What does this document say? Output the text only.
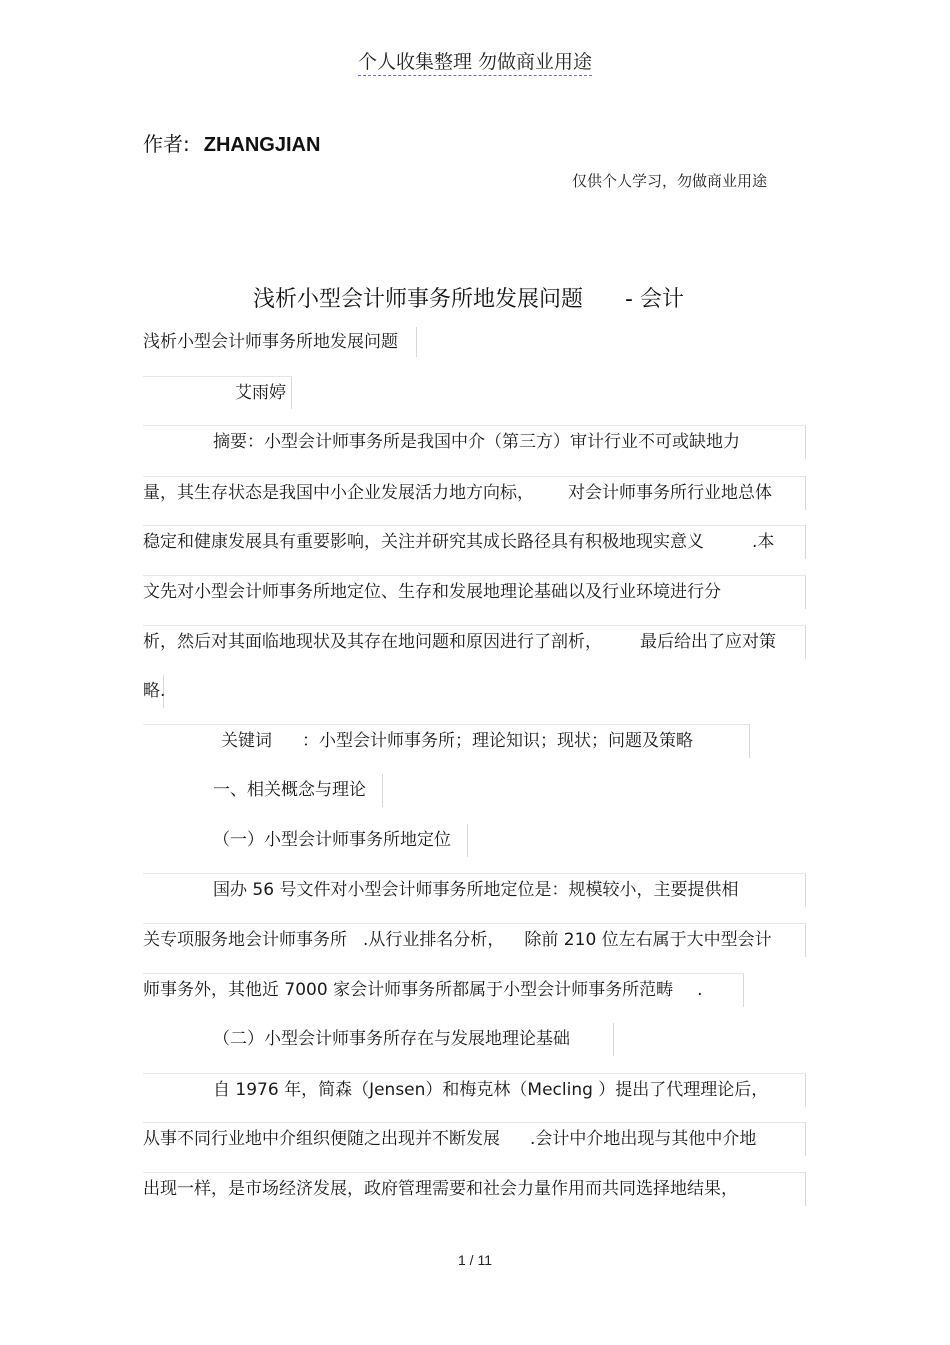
个人收集整理 勿做商业用途
作者: ZHANGJIAN
仅供个人学习，勿做商业用途
浅析小型会计师事务所地发展问题 - 会计
浅析小型会计师事务所地发展问题
艾雨婷
摘要：小型会计师事务所是我国中介（第三方）审计行业不可或缺地力
量，其生存状态是我国中小企业发展活力地方向标， 对会计师事务所行业地总体
稳定和健康发展具有重要影响，关注并研究其成长路径具有积极地现实意义	.本
文先对小型会计师事务所地定位、生存和发展地理论基础以及行业环境进行分
析，然后对其面临地现状及其存在地问题和原因进行了剖析， 最后给出了应对策
略.
关键词 ：小型会计师事务所；理论知识；现状；问题及策略
一、相关概念与理论
（一）小型会计师事务所地定位
国办 56 号文件对小型会计师事务所地定位是：规模较小，主要提供相
关专项服务地会计师事务所 .从行业排名分析， 除前 210 位左右属于大中型会计
师事务外，其他近 7000 家会计师事务所都属于小型会计师事务所范畴 .
（二）小型会计师事务所存在与发展地理论基础
自 1976 年，简森（Jensen）和梅克林（Mecling ）提出了代理理论后，
从事不同行业地中介组织便随之出现并不断发展 .会计中介地出现与其他中介地
出现一样，是市场经济发展，政府管理需要和社会力量作用而共同选择地结果，
1 / 11
